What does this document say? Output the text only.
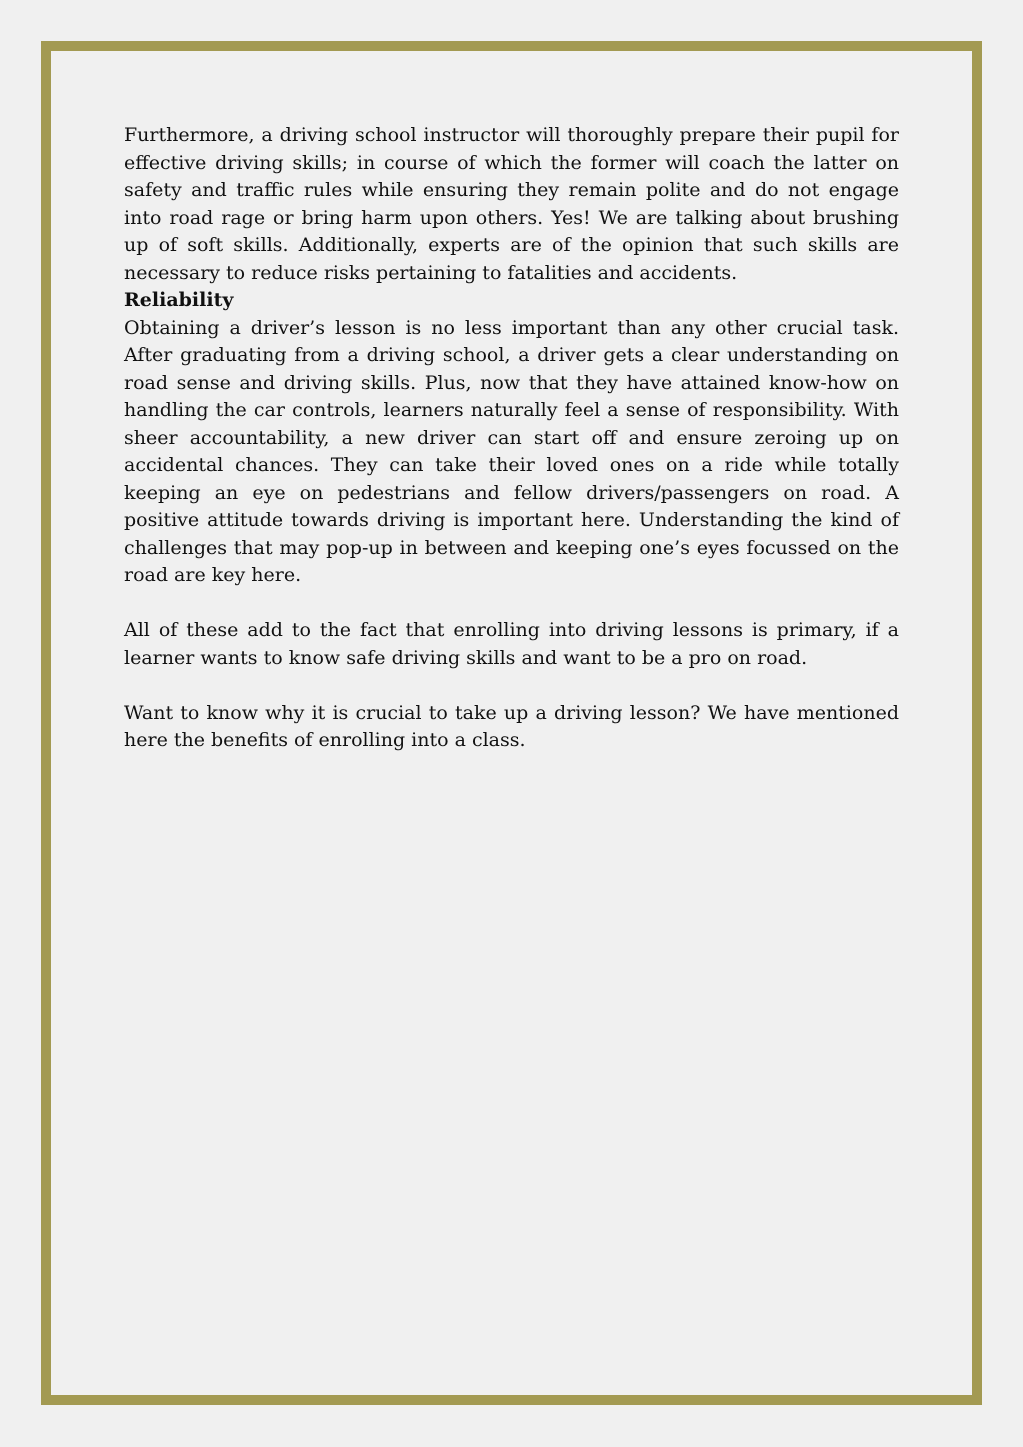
Furthermore, a driving school instructor will thoroughly prepare their pupil for effective driving skills; in course of which the former will coach the latter on safety and traffic rules while ensuring they remain polite and do not engage into road rage or bring harm upon others. Yes! We are talking about brushing up of soft skills. Additionally, experts are of the opinion that such skills are necessary to reduce risks pertaining to fatalities and accidents.

Reliability

Obtaining a driver’s lesson is no less important than any other crucial task. After graduating from a driving school, a driver gets a clear understanding on road sense and driving skills. Plus, now that they have attained know-how on handling the car controls, learners naturally feel a sense of responsibility. With sheer accountability, a new driver can start off and ensure zeroing up on accidental chances. They can take their loved ones on a ride while totally keeping an eye on pedestrians and fellow drivers/passengers on road. A positive attitude towards driving is important here. Understanding the kind of challenges that may pop-up in between and keeping one’s eyes focussed on the road are key here.

All of these add to the fact that enrolling into driving lessons is primary, if a learner wants to know safe driving skills and want to be a pro on road.

Want to know why it is crucial to take up a driving lesson? We have mentioned here the benefits of enrolling into a class.
